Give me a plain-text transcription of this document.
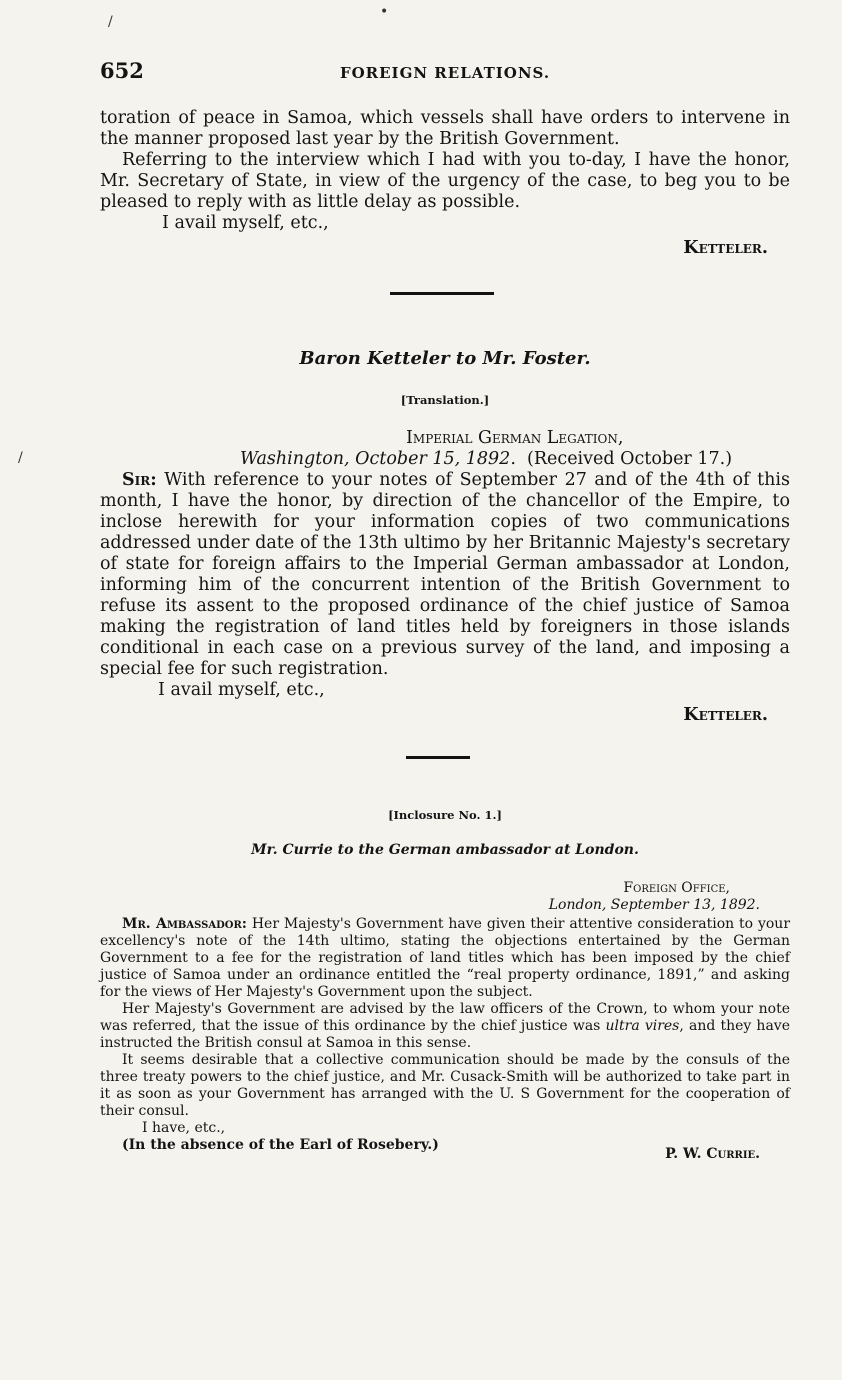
/
•
/
652	FOREIGN RELATIONS.

toration of peace in Samoa, which vessels shall have orders to intervene in the manner proposed last year by the British Government.

Referring to the interview which I had with you to-day, I have the honor, Mr. Secretary of State, in view of the urgency of the case, to beg you to be pleased to reply with as little delay as possible.

I avail myself, etc.,

Ketteler.

Baron Ketteler to Mr. Foster.
[Translation.]
Imperial German Legation,
Washington, October 15, 1892. (Received October 17.)

Sir: With reference to your notes of September 27 and of the 4th of this month, I have the honor, by direction of the chancellor of the Empire, to inclose herewith for your information copies of two communications addressed under date of the 13th ultimo by her Britannic Majesty's secretary of state for foreign affairs to the Imperial German ambassador at London, informing him of the concurrent intention of the British Government to refuse its assent to the proposed ordinance of the chief justice of Samoa making the registration of land titles held by foreigners in those islands conditional in each case on a previous survey of the land, and imposing a special fee for such registration.

I avail myself, etc.,

Ketteler.

[Inclosure No. 1.]
Mr. Currie to the German ambassador at London.
Foreign Office,
London, September 13, 1892.

Mr. Ambassador: Her Majesty's Government have given their attentive consideration to your excellency's note of the 14th ultimo, stating the objections entertained by the German Government to a fee for the registration of land titles which has been imposed by the chief justice of Samoa under an ordinance entitled the “real property ordinance, 1891,” and asking for the views of Her Majesty's Government upon the subject.

Her Majesty's Government are advised by the law officers of the Crown, to whom your note was referred, that the issue of this ordinance by the chief justice was ultra vires, and they have instructed the British consul at Samoa in this sense.

It seems desirable that a collective communication should be made by the consuls of the three treaty powers to the chief justice, and Mr. Cusack-Smith will be authorized to take part in it as soon as your Government has arranged with the U. S Government for the cooperation of their consul.

I have, etc.,

(In the absence of the Earl of Rosebery.)

P. W. Currie.
